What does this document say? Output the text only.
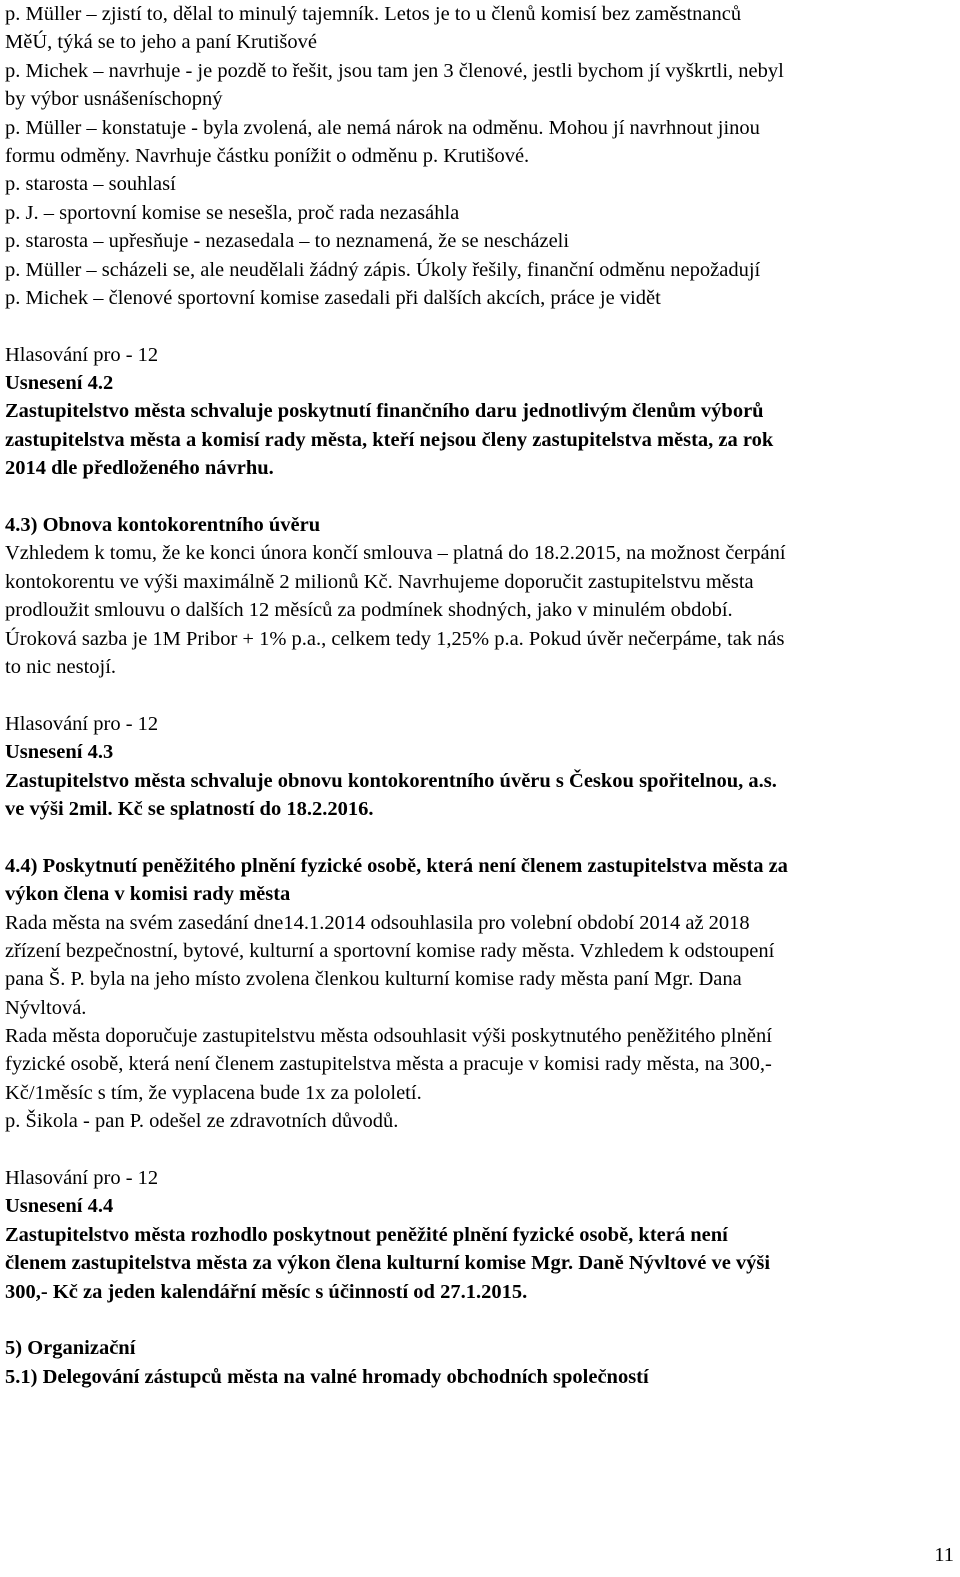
p. Müller – zjistí to, dělal to minulý tajemník. Letos je to u členů komisí bez zaměstnanců
MěÚ, týká se to jeho a paní Krutišové
p. Michek – navrhuje - je pozdě to řešit, jsou tam jen 3 členové, jestli bychom jí vyškrtli, nebyl
by výbor usnášeníschopný
p. Müller – konstatuje - byla zvolená, ale nemá nárok na odměnu. Mohou jí navrhnout jinou
formu odměny. Navrhuje částku ponížit o odměnu p. Krutišové.
p. starosta – souhlasí
p. J. – sportovní komise se nesešla, proč rada nezasáhla
p. starosta – upřesňuje - nezasedala – to neznamená, že se nescházeli
p. Müller – scházeli se, ale neudělali žádný zápis. Úkoly řešily, finanční odměnu nepožadují
p. Michek – členové sportovní komise zasedali při dalších akcích, práce je vidět
Hlasování pro - 12
Usnesení 4.2
Zastupitelstvo města schvaluje poskytnutí finančního daru jednotlivým členům výborů
zastupitelstva města a komisí rady města, kteří nejsou členy zastupitelstva města, za rok
2014 dle předloženého návrhu.
4.3) Obnova kontokorentního úvěru
Vzhledem k tomu, že ke konci února končí smlouva – platná do 18.2.2015, na možnost čerpání
kontokorentu ve výši maximálně 2 milionů Kč. Navrhujeme doporučit zastupitelstvu města
prodloužit smlouvu o dalších 12 měsíců za podmínek shodných, jako v minulém období.
Úroková sazba je 1M Pribor + 1% p.a., celkem tedy 1,25% p.a. Pokud úvěr nečerpáme, tak nás
to nic nestojí.
Hlasování pro - 12
Usnesení 4.3
Zastupitelstvo města schvaluje obnovu kontokorentního úvěru s Českou spořitelnou, a.s.
ve výši 2mil. Kč se splatností do 18.2.2016.
4.4) Poskytnutí peněžitého plnění fyzické osobě, která není členem zastupitelstva města za
výkon člena v komisi rady města
Rada města na svém zasedání dne14.1.2014 odsouhlasila pro volební období 2014 až 2018
zřízení bezpečnostní, bytové, kulturní a sportovní komise rady města. Vzhledem k odstoupení
pana Š. P. byla na jeho místo zvolena členkou kulturní komise rady města paní Mgr. Dana
Nývltová.
Rada města doporučuje zastupitelstvu města odsouhlasit výši poskytnutého peněžitého plnění
fyzické osobě, která není členem zastupitelstva města a pracuje v komisi rady města, na 300,-
Kč/1měsíc s tím, že vyplacena bude 1x za pololetí.
p. Šikola - pan P. odešel ze zdravotních důvodů.
Hlasování pro - 12
Usnesení 4.4
Zastupitelstvo města rozhodlo poskytnout peněžité plnění fyzické osobě, která není
členem zastupitelstva města za výkon člena kulturní komise Mgr. Daně Nývltové ve výši
300,- Kč za jeden kalendářní měsíc s účinností od 27.1.2015.
5) Organizační
5.1) Delegování zástupců města na valné hromady obchodních společností
11
